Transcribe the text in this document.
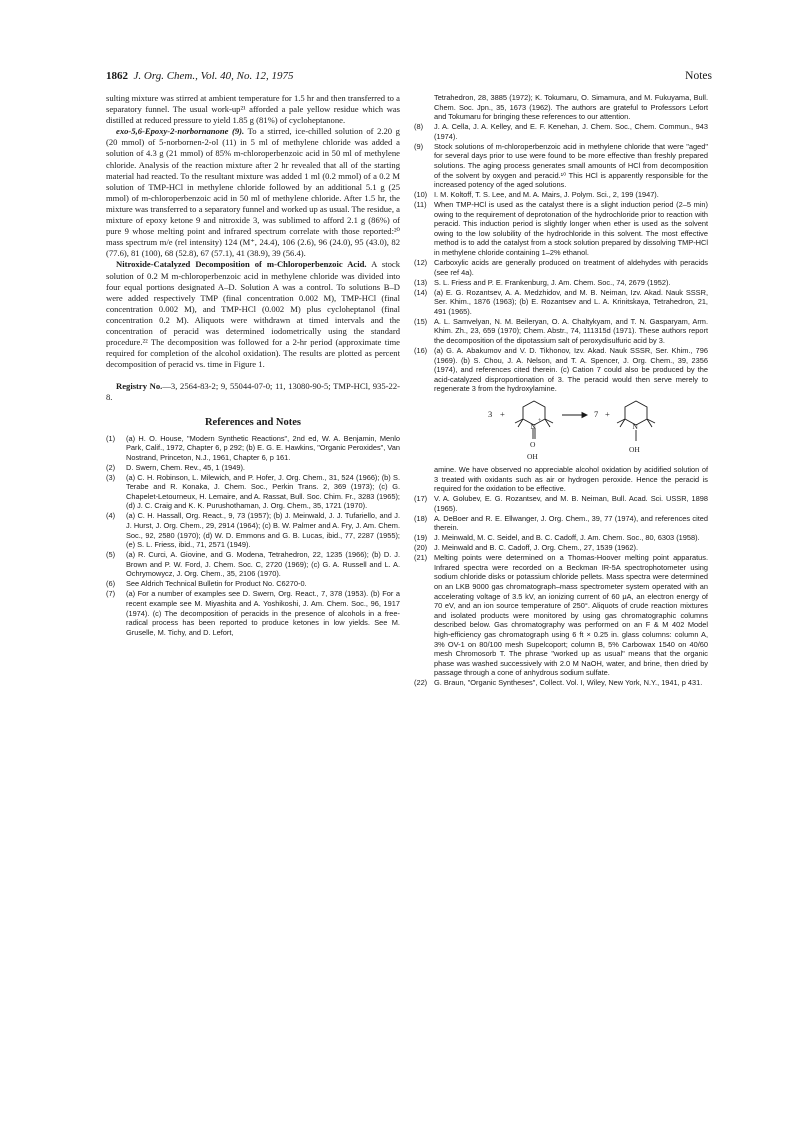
1862 J. Org. Chem., Vol. 40, No. 12, 1975	Notes

sulting mixture was stirred at ambient temperature for 1.5 hr and then transferred to a separatory funnel. The usual work-up²¹ afforded a pale yellow residue which was distilled at reduced pressure to yield 1.85 g (81%) of cycloheptanone.

exo-5,6-Epoxy-2-norbornanone (9). To a stirred, ice-chilled solution of 2.20 g (20 mmol) of 5-norbornen-2-ol (11) in 5 ml of methylene chloride was added a solution of 4.3 g (21 mmol) of 85% m-chloroperbenzoic acid in 50 ml of methylene chloride. Analysis of the reaction mixture after 2 hr revealed that all of the starting material had reacted. To the resultant mixture was added 1 ml (0.2 mmol) of a 0.2 M solution of TMP-HCl in methylene chloride followed by an additional 5.1 g (25 mmol) of m-chloroperbenzoic acid in 50 ml of methylene chloride. After 1.5 hr, the mixture was transferred to a separatory funnel and worked up as usual. The residue, a mixture of epoxy ketone 9 and nitroxide 3, was sublimed to afford 2.1 g (86%) of pure 9 whose melting point and infrared spectrum correlate with those reported:²⁰ mass spectrum m/e (rel intensity) 124 (M⁺, 24.4), 106 (2.6), 96 (24.0), 95 (43.0), 82 (77.6), 81 (100), 68 (52.8), 67 (57.1), 41 (38.9), 39 (56.4).

Nitroxide-Catalyzed Decomposition of m-Chloroperbenzoic Acid. A stock solution of 0.2 M m-chloroperbenzoic acid in methylene chloride was divided into four equal portions designated A–D. Solution A was a control. To solutions B–D were added respectively TMP (final concentration 0.002 M), TMP-HCl (final concentration 0.002 M), and TMP-HCl (0.002 M) plus cycloheptanol (final concentration 0.2 M). Aliquots were withdrawn at timed intervals and the concentration of peracid was determined iodometrically using the standard procedure.²² The decomposition was followed for a 2-hr period (approximate time required for completion of the alcohol oxidation). The results are plotted as percent decomposition of peracid vs. time in Figure 1.

Registry No.—3, 2564-83-2; 9, 55044-07-0; 11, 13080-90-5; TMP-HCl, 935-22-8.

References and Notes
(1) (a) H. O. House, "Modern Synthetic Reactions", 2nd ed, W. A. Benjamin, Menlo Park, Calif., 1972, Chapter 6, p 292; (b) E. G. E. Hawkins, "Organic Peroxides", Van Nostrand, Princeton, N.J., 1961, Chapter 6, p 161.
(2) D. Swern, Chem. Rev., 45, 1 (1949).
(3) (a) C. H. Robinson, L. Milewich, and P. Hofer, J. Org. Chem., 31, 524 (1966); (b) S. Terabe and R. Konaka, J. Chem. Soc., Perkin Trans. 2, 369 (1973); (c) G. Chapelet-Letourneux, H. Lemaire, and A. Rassat, Bull. Soc. Chim. Fr., 3283 (1965); (d) J. C. Craig and K. K. Purushothaman, J. Org. Chem., 35, 1721 (1970).
(4) (a) C. H. Hassall, Org. React., 9, 73 (1957); (b) J. Meinwald, J. J. Tufariello, and J. J. Hurst, J. Org. Chem., 29, 2914 (1964); (c) B. W. Palmer and A. Fry, J. Am. Chem. Soc., 92, 2580 (1970); (d) W. D. Emmons and G. B. Lucas, ibid., 77, 2287 (1955); (e) S. L. Friess, ibid., 71, 2571 (1949).
(5) (a) R. Curci, A. Giovine, and G. Modena, Tetrahedron, 22, 1235 (1966); (b) D. J. Brown and P. W. Ford, J. Chem. Soc. C, 2720 (1969); (c) G. A. Russell and L. A. Ochrymowycz, J. Org. Chem., 35, 2106 (1970).
(6) See Aldrich Technical Bulletin for Product No. C6270-0.
(7) (a) For a number of examples see D. Swern, Org. React., 7, 378 (1953). (b) For a recent example see M. Miyashita and A. Yoshikoshi, J. Am. Chem. Soc., 96, 1917 (1974). (c) The decomposition of peracids in the presence of alcohols in a free-radical process has been reported to produce ketones in low yields. See M. Gruselle, M. Tichy, and D. Lefort,
Tetrahedron, 28, 3885 (1972); K. Tokumaru, O. Simamura, and M. Fukuyama, Bull. Chem. Soc. Jpn., 35, 1673 (1962). The authors are grateful to Professors Lefort and Tokumaru for bringing these references to our attention.
(8) J. A. Cella, J. A. Kelley, and E. F. Kenehan, J. Chem. Soc., Chem. Commun., 943 (1974).
(9) Stock solutions of m-chloroperbenzoic acid in methylene chloride that were "aged" for several days prior to use were found to be more effective than freshly prepared solutions. The aging process generates small amounts of HCl from decomposition of the solvent by oxygen and peracid.¹⁰ This HCl is apparently responsible for the increased potency of the aged solutions.
(10) I. M. Koltoff, T. S. Lee, and M. A. Mairs, J. Polym. Sci., 2, 199 (1947).
(11) When TMP-HCl is used as the catalyst there is a slight induction period (2–5 min) owing to the requirement of deprotonation of the hydrochloride prior to reaction with peracid. This induction period is slightly longer when ether is used as the solvent owing to the low solubility of the hydrochloride in this solvent. The most effective method is to add the catalyst from a stock solution prepared by dissolving TMP-HCl in methylene chloride containing 1–2% ethanol.
(12) Carboxylic acids are generally produced on treatment of aldehydes with peracids (see ref 4a).
(13) S. L. Friess and P. E. Frankenburg, J. Am. Chem. Soc., 74, 2679 (1952).
(14) (a) E. G. Rozantsev, A. A. Medzhidov, and M. B. Neiman, Izv. Akad. Nauk SSSR, Ser. Khim., 1876 (1963); (b) E. Rozantsev and L. A. Krinitskaya, Tetrahedron, 21, 491 (1965).
(15) A. L. Samvelyan, N. M. Beileryan, O. A. Chaltykyam, and T. N. Gasparyam, Arm. Khim. Zh., 23, 659 (1970); Chem. Abstr., 74, 111315d (1971). These authors report the decomposition of the dipotassium salt of peroxydisulfuric acid by 3.
(16) (a) G. A. Abakumov and V. D. Tikhonov, Izv. Akad. Nauk SSSR, Ser. Khim., 796 (1969). (b) S. Chou, J. A. Nelson, and T. A. Spencer, J. Org. Chem., 39, 2356 (1974), and references cited therein. (c) Cation 7 could also be produced by the acid-catalyzed disproportionation of 3. The peracid would then serve merely to regenerate 3 from the hydroxylamine.
3 +
+
N
O
7 +
N
OH
OH
amine. We have observed no appreciable alcohol oxidation by acidified solution of 3 treated with oxidants such as air or hydrogen peroxide. Hence the peracid is required for the oxidation to be effective.
(17) V. A. Golubev, E. G. Rozantsev, and M. B. Neiman, Bull. Acad. Sci. USSR, 1898 (1965).
(18) A. DeBoer and R. E. Ellwanger, J. Org. Chem., 39, 77 (1974), and references cited therein.
(19) J. Meinwald, M. C. Seidel, and B. C. Cadoff, J. Am. Chem. Soc., 80, 6303 (1958).
(20) J. Meinwald and B. C. Cadoff, J. Org. Chem., 27, 1539 (1962).
(21) Melting points were determined on a Thomas-Hoover melting point apparatus. Infrared spectra were recorded on a Beckman IR-5A spectrophotometer using sodium chloride disks or potassium chloride pellets. Mass spectra were determined on an LKB 9000 gas chromatograph–mass spectrometer system operated with an accelerating voltage of 3.5 kV, an ionizing current of 60 μA, an electron energy of 70 eV, and an ion source temperature of 250°. Aliquots of crude reaction mixtures and isolated products were monitored by using gas chromatographic columns described below. Gas chromatography was performed on an F & M 402 Model high-efficiency gas chromatograph using 6 ft × 0.25 in. glass columns: column A, 3% OV-1 on 80/100 mesh Supelcoport; column B, 5% Carbowax 1540 on 40/60 mesh Chromosorb T. The phrase "worked up as usual" means that the organic phase was washed successively with 2.0 M NaOH, water, and brine, then dried by passage through a cone of anhydrous sodium sulfate.
(22) G. Braun, "Organic Syntheses", Collect. Vol. I, Wiley, New York, N.Y., 1941, p 431.
